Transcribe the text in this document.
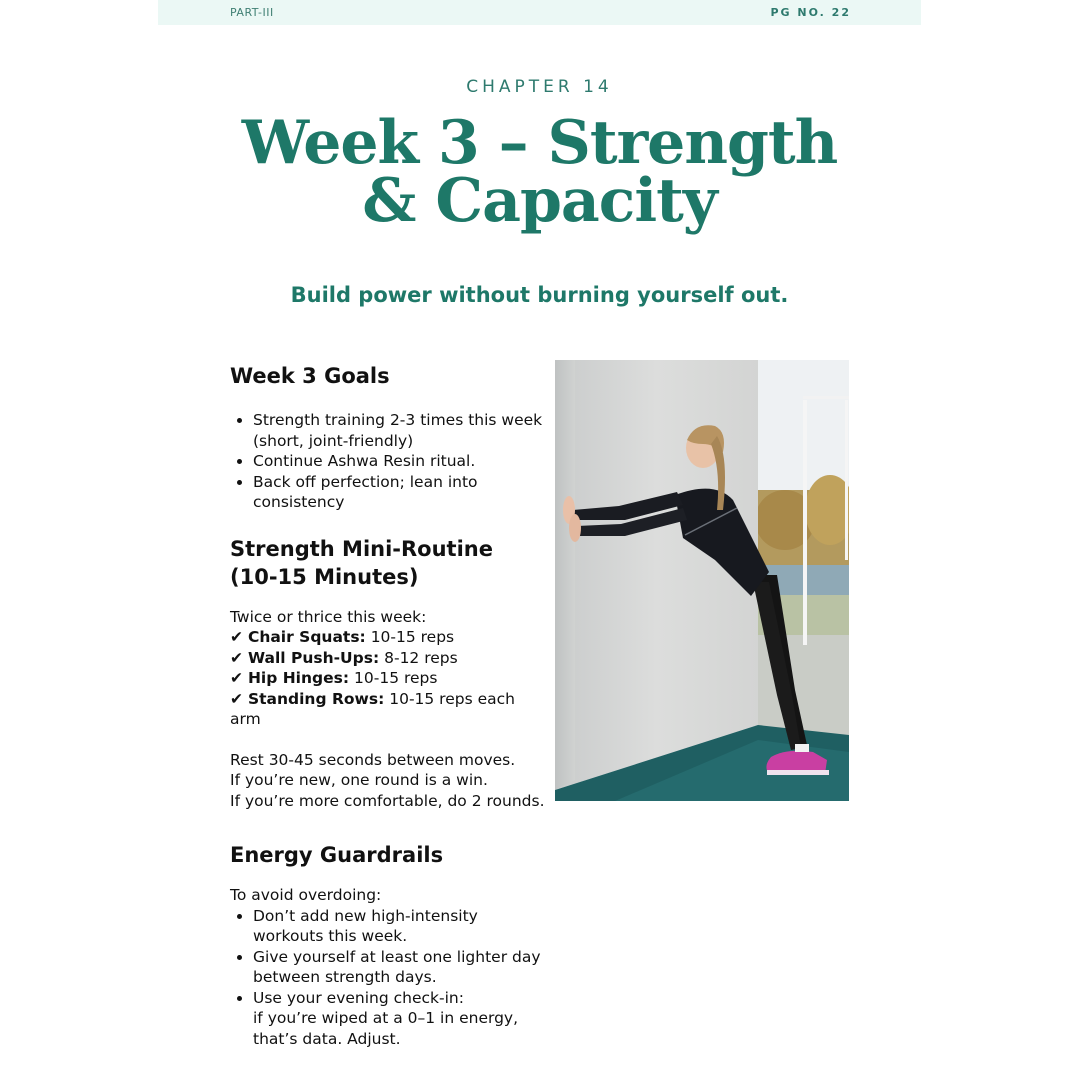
PART-III	PG NO. 22
CHAPTER 14
Week 3 – Strength
& Capacity
Build power without burning yourself out.
Week 3 Goals
• Strength training 2-3 times this week (short, joint-friendly)
• Continue Ashwa Resin ritual.
• Back off perfection; lean into consistency
Strength Mini-Routine
(10-15 Minutes)

Twice or thrice this week:

✔ Chair Squats: 10-15 reps
✔ Wall Push-Ups: 8-12 reps
✔ Hip Hinges: 10-15 reps
✔ Standing Rows: 10-15 reps each arm

Rest 30-45 seconds between moves.

If you’re new, one round is a win.

If you’re more comfortable, do 2 rounds.

Energy Guardrails

To avoid overdoing:

• Don’t add new high-intensity workouts this week.
• Give yourself at least one lighter day between strength days.
• Use your evening check-in:
if you’re wiped at a 0–1 in energy, that’s data. Adjust.
